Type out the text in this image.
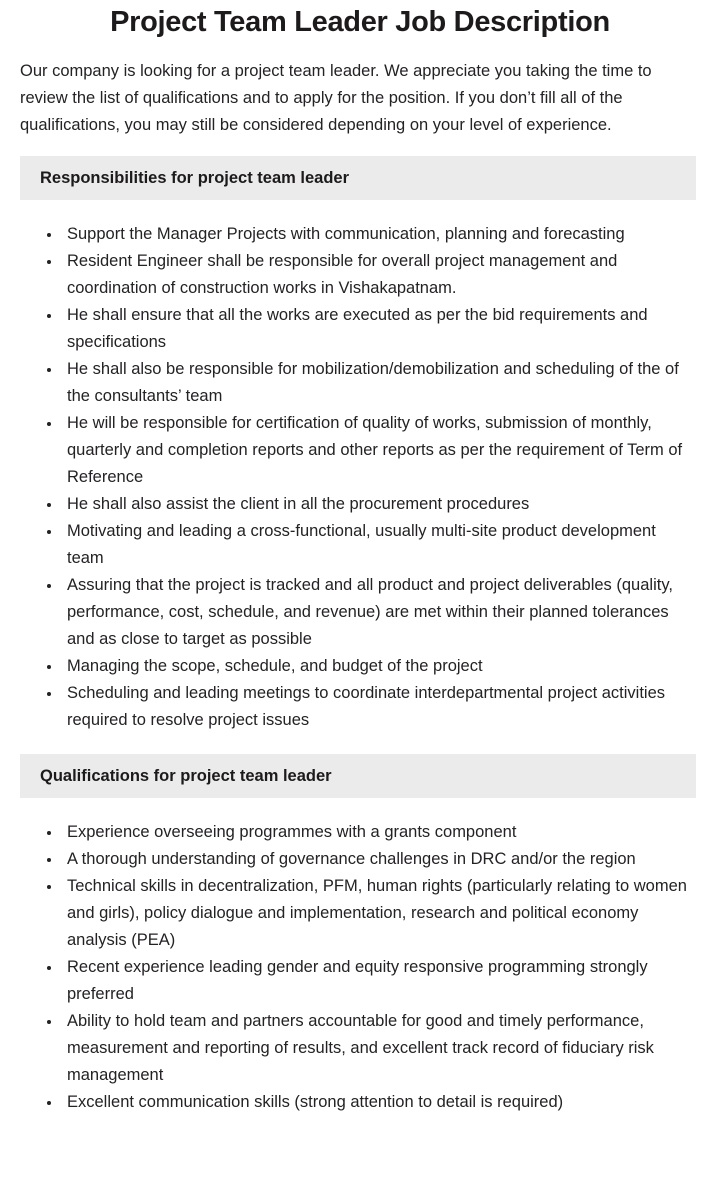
Project Team Leader Job Description

Our company is looking for a project team leader. We appreciate you taking the time to review the list of qualifications and to apply for the position. If you don’t fill all of the qualifications, you may still be considered depending on your level of experience.

Responsibilities for project team leader
• Support the Manager Projects with communication, planning and forecasting
• Resident Engineer shall be responsible for overall project management and coordination of construction works in Vishakapatnam.
• He shall ensure that all the works are executed as per the bid requirements and specifications
• He shall also be responsible for mobilization/demobilization and scheduling of the of the consultants’ team
• He will be responsible for certification of quality of works, submission of monthly, quarterly and completion reports and other reports as per the requirement of Term of Reference
• He shall also assist the client in all the procurement procedures
• Motivating and leading a cross-functional, usually multi-site product development team
• Assuring that the project is tracked and all product and project deliverables (quality, performance, cost, schedule, and revenue) are met within their planned tolerances and as close to target as possible
• Managing the scope, schedule, and budget of the project
• Scheduling and leading meetings to coordinate interdepartmental project activities required to resolve project issues
Qualifications for project team leader
• Experience overseeing programmes with a grants component
• A thorough understanding of governance challenges in DRC and/or the region
• Technical skills in decentralization, PFM, human rights (particularly relating to women and girls), policy dialogue and implementation, research and political economy analysis (PEA)
• Recent experience leading gender and equity responsive programming strongly preferred
• Ability to hold team and partners accountable for good and timely performance, measurement and reporting of results, and excellent track record of fiduciary risk management
• Excellent communication skills (strong attention to detail is required)
